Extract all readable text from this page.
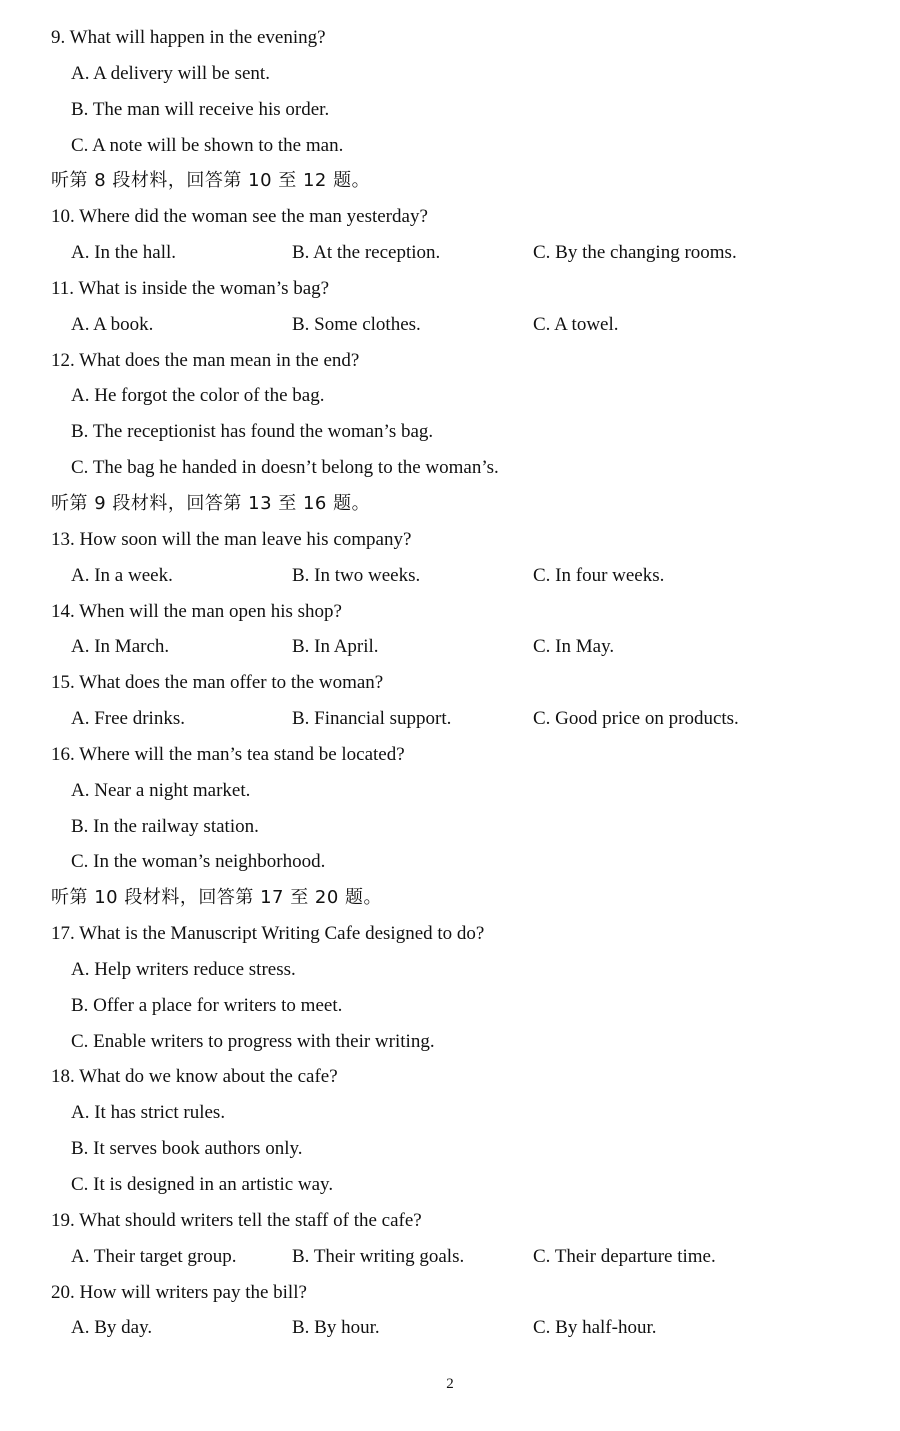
9. What will happen in the evening?
A. A delivery will be sent.
B. The man will receive his order.
C. A note will be shown to the man.
听第 8 段材料，回答第 10 至 12 题。
10. Where did the woman see the man yesterday?
A. In the hall.	B. At the reception.	C. By the changing rooms.
11. What is inside the woman’s bag?
A. A book.	B. Some clothes.	C. A towel.
12. What does the man mean in the end?
A. He forgot the color of the bag.
B. The receptionist has found the woman’s bag.
C. The bag he handed in doesn’t belong to the woman’s.
听第 9 段材料，回答第 13 至 16 题。
13. How soon will the man leave his company?
A. In a week.	B. In two weeks.	C. In four weeks.
14. When will the man open his shop?
A. In March.	B. In April.	C. In May.
15. What does the man offer to the woman?
A. Free drinks.	B. Financial support.	C. Good price on products.
16. Where will the man’s tea stand be located?
A. Near a night market.
B. In the railway station.
C. In the woman’s neighborhood.
听第 10 段材料，回答第 17 至 20 题。
17. What is the Manuscript Writing Cafe designed to do?
A. Help writers reduce stress.
B. Offer a place for writers to meet.
C. Enable writers to progress with their writing.
18. What do we know about the cafe?
A. It has strict rules.
B. It serves book authors only.
C. It is designed in an artistic way.
19. What should writers tell the staff of the cafe?
A. Their target group.	B. Their writing goals.	C. Their departure time.
20. How will writers pay the bill?
A. By day.	B. By hour.	C. By half-hour.
2
